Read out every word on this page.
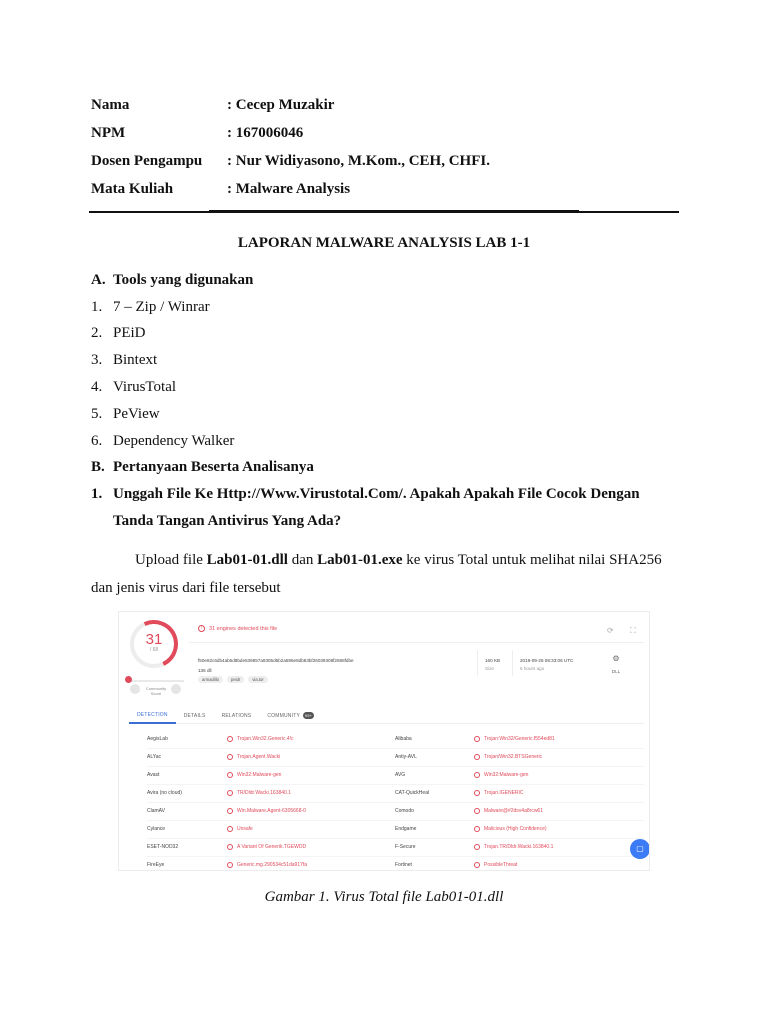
Nama	: Cecep Muzakir
NPM	: 167006046
Dosen Pengampu	: Nur Widiyasono, M.Kom., CEH, CHFI.
Mata Kuliah	: Malware Analysis
LAPORAN MALWARE ANALYSIS LAB 1-1
A. Tools yang digunakan
1. 7 – Zip / Winrar
2. PEiD
3. Bintext
4. VirusTotal
5. PeView
6. Dependency Walker
B. Pertanyaan Beserta Analisanya
1. Unggah File Ke Http://Www.Virustotal.Com/. Apakah Apakah File Cocok Dengan
Tanda Tangan Antivirus Yang Ada?
Upload file Lab01-01.dll dan Lab01-01.exe ke virus Total untuk melihat nilai SHA256
dan jenis virus dari file tersebut
31
/ 68
Community Score
!	31 engines detected this file	⟳ ⛶
f50e82c6db4ab5d8bde536857a9305d5b2a596e8db83bf26039308f2688fdbe
136 dll
armadillo	peidr	via.tor
160 KB
Size
2019-09-26 08:33:06 UTC
6 hours ago
⚙
DLL
DETECTION	DETAILS	RELATIONS	COMMUNITY	99+
AegisLab	Trojan.Win32.Generic.4!c	Alibaba	Trojan:Win32/Generic.f554ed81
ALYac	Trojan.Agent.Wacki	Antiy-AVL	Trojan/Win32.BTSGeneric
Avast	Win32:Malware-gen	AVG	Win32:Malware-gen
Avira (no cloud)	TR/Dldr.Wacki.163840.1	CAT-QuickHeal	Trojan.IGENERIC
ClamAV	Win.Malware.Agent-6305668-0	Comodo	Malware@#2dsv4a8rcw61
Cylance	Unsafe	Endgame	Malicious (High Confidence)
ESET-NOD32	A Variant Of Generik.TGEWDD	F-Secure	Trojan.TR/Dldr.Wacki.163840.1
FireEye	Generic.mg.290534c51da917fa	Fortinet	PossibleThreat
▢
Gambar 1. Virus Total file Lab01-01.dll
